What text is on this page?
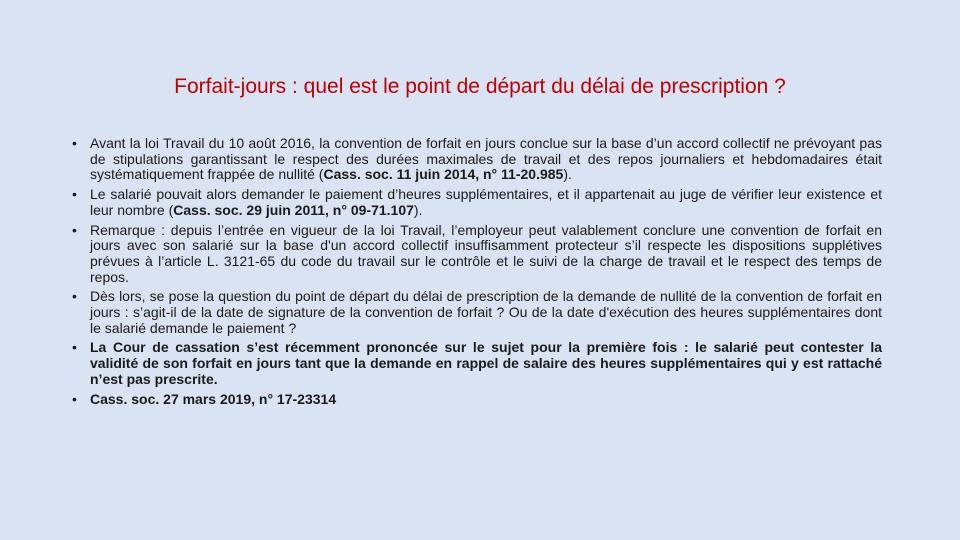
Forfait-jours : quel est le point de départ du délai de prescription ?
• Avant la loi Travail du 10 août 2016, la convention de forfait en jours conclue sur la base d’un accord collectif ne prévoyant pas de stipulations garantissant le respect des durées maximales de travail et des repos journaliers et hebdomadaires était systématiquement frappée de nullité (Cass. soc. 11 juin 2014, n° 11-20.985).
• Le salarié pouvait alors demander le paiement d’heures supplémentaires, et il appartenait au juge de vérifier leur existence et leur nombre (Cass. soc. 29 juin 2011, n° 09-71.107).
• Remarque : depuis l’entrée en vigueur de la loi Travail, l’employeur peut valablement conclure une convention de forfait en jours avec son salarié sur la base d'un accord collectif insuffisamment protecteur s’il respecte les dispositions supplétives prévues à l’article L. 3121-65 du code du travail sur le contrôle et le suivi de la charge de travail et le respect des temps de repos.
• Dès lors, se pose la question du point de départ du délai de prescription de la demande de nullité de la convention de forfait en jours : s’agit-il de la date de signature de la convention de forfait ? Ou de la date d'exécution des heures supplémentaires dont le salarié demande le paiement ?
• La Cour de cassation s’est récemment prononcée sur le sujet pour la première fois : le salarié peut contester la validité de son forfait en jours tant que la demande en rappel de salaire des heures supplémentaires qui y est rattaché n’est pas prescrite.
• Cass. soc. 27 mars 2019, n° 17-23314
